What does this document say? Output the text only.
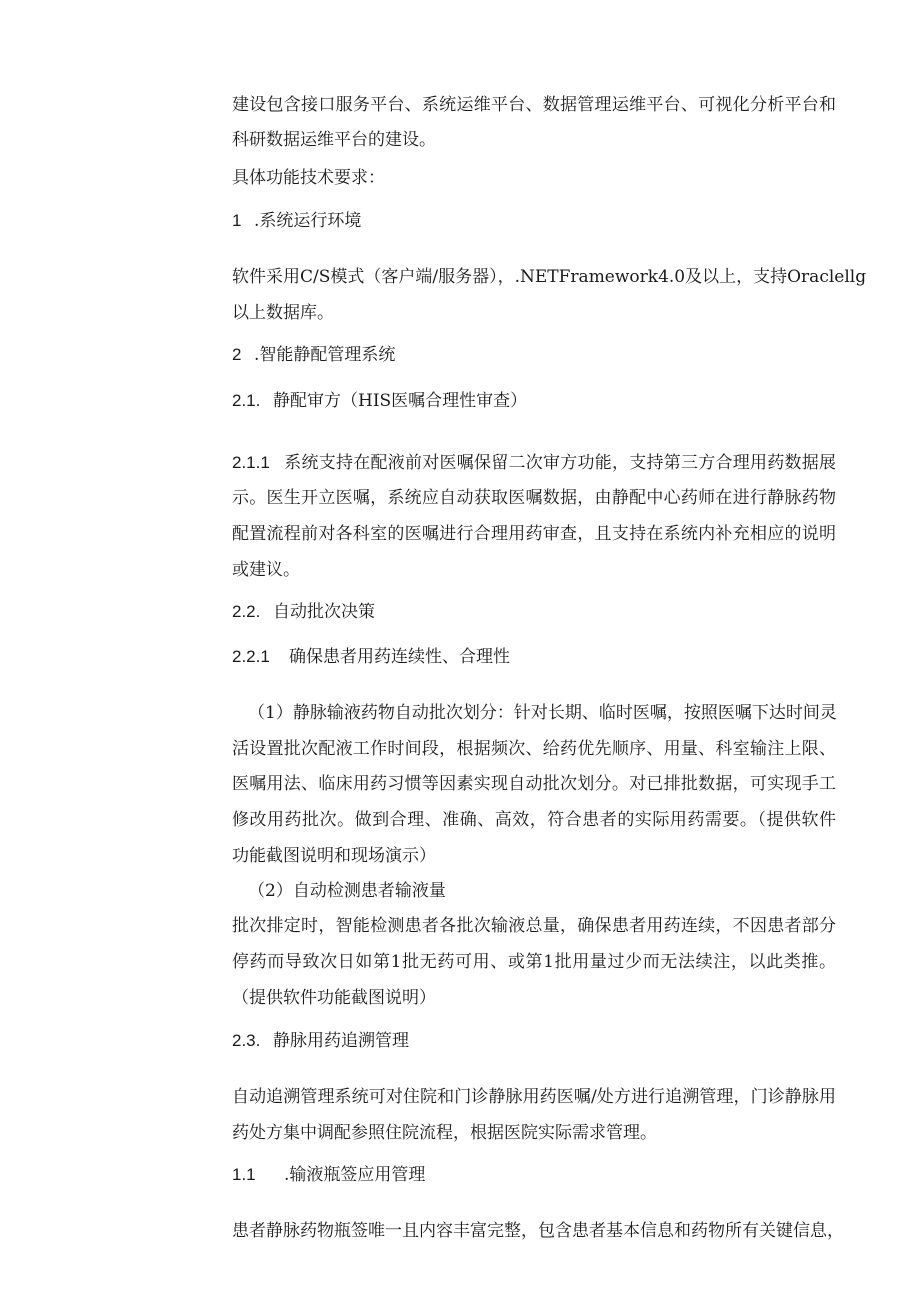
建设包含接口服务平台、系统运维平台、数据管理运维平台、可视化分析平台和
科研数据运维平台的建设。
具体功能技术要求：
1 .系统运行环境
软件采用C/S模式（客户端/服务器），.NETFramework4.0及以上，支持Oraclellg
以上数据库。
2 .智能静配管理系统
2.1. 静配审方（HIS医嘱合理性审查）
2.1.1 系统支持在配液前对医嘱保留二次审方功能，支持第三方合理用药数据展
示。医生开立医嘱，系统应自动获取医嘱数据，由静配中心药师在进行静脉药物
配置流程前对各科室的医嘱进行合理用药审查，且支持在系统内补充相应的说明
或建议。
2.2. 自动批次决策
2.2.1 确保患者用药连续性、合理性
（1）静脉输液药物自动批次划分：针对长期、临时医嘱，按照医嘱下达时间灵
活设置批次配液工作时间段，根据频次、给药优先顺序、用量、科室输注上限、
医嘱用法、临床用药习惯等因素实现自动批次划分。对已排批数据，可实现手工
修改用药批次。做到合理、准确、高效，符合患者的实际用药需要。（提供软件
功能截图说明和现场演示）
（2）自动检测患者输液量
批次排定时，智能检测患者各批次输液总量，确保患者用药连续，不因患者部分
停药而导致次日如第1批无药可用、或第1批用量过少而无法续注，以此类推。
（提供软件功能截图说明）
2.3. 静脉用药追溯管理
自动追溯管理系统可对住院和门诊静脉用药医嘱/处方进行追溯管理，门诊静脉用
药处方集中调配参照住院流程，根据医院实际需求管理。
1.1 .输液瓶签应用管理
患者静脉药物瓶签唯一且内容丰富完整，包含患者基本信息和药物所有关键信息，
